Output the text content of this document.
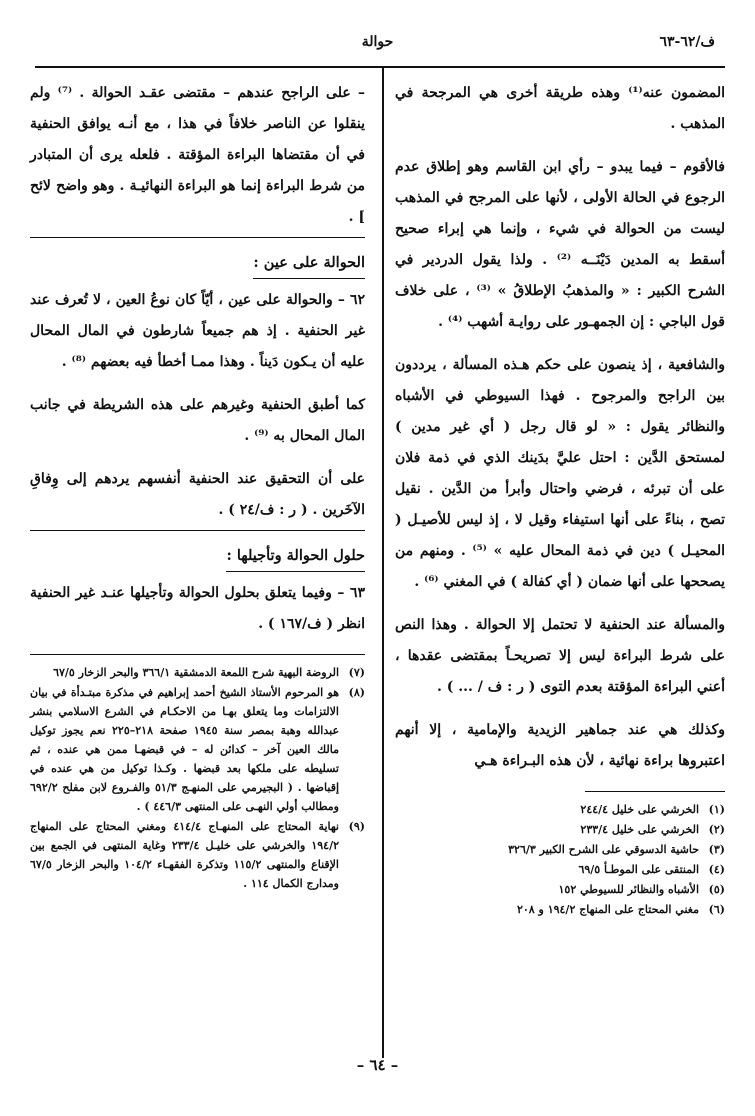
ف/٦٢-٦٣
حوالة

المضمون عنه⁽¹⁾ وهذه طريقة أخرى هي المرجحة في المذهب .

فالأقوم – فيما يبدو – رأي ابن القاسم وهو إطلاق عدم الرجوع في الحالة الأولى ، لأنها على المرجح في المذهب ليست من الحوالة في شيء ، وإنما هي إبراء صحيح أسقط به المدين دَيْنَــه ⁽²⁾ . ولذا يقول الدردير في الشرح الكبير : « والمذهبُ الإطلاقُ » ⁽³⁾ ، على خلاف قول الباجي : إن الجمهـور على روايـة أشهب ⁽⁴⁾ .

والشافعية ، إذ ينصون على حكم هـذه المسألة ، يرددون بين الراجح والمرجوح . فهذا السيوطي في الأشباه والنظائر يقول : « لو قال رجل ( أي غير مدين ) لمستحق الدَّين : احتل عليَّ بدَينك الذي في ذمة فلان على أن تبرئه ، فرضي واحتال وأبرأ من الدَّين . نقيل تصح ، بناءً على أنها استيفاء وقيل لا ، إذ ليس للأصيـل ( المحيـل ) دين في ذمة المحال عليه » ⁽⁵⁾ . ومنهم من يصححها على أنها ضمان ( أي كفالة ) في المغني ⁽⁶⁾ .

والمسألة عند الحنفية لا تحتمل إلا الحوالة . وهذا النص على شرط البراءة ليس إلا تصريحـاً بمقتضى عقدها ، أعني البراءة المؤقتة بعدم التوى ( ر : ف / ... ) .

وكذلك هي عند جماهير الزيدية والإمامية ، إلا أنهم اعتبروها براءة نهائية ، لأن هذه البـراءة هـي

(١)
الخرشي على خليل ٢٤٤/٤
(٢)
الخرشي على خليل ٢٣٣/٤
(٣)
حاشية الدسوقي على الشرح الكبير ٣٢٦/٣
(٤)
المنتقى على الموطـأ ٦٩/٥
(٥)
الأشباه والنظائر للسيوطي ١٥٢
(٦)
مغني المحتاج على المنهاج ١٩٤/٢ و ٢٠٨

– على الراجح عندهم – مقتضى عقـد الحوالة . ⁽⁷⁾ ولم ينقلوا عن الناصر خلافاً في هذا ، مع أنـه يوافق الحنفية في أن مقتضاها البراءة المؤقتة . فلعله يرى أن المتبادر من شرط البراءة إنما هو البراءة النهائيـة . وهو واضح لائح ] .

الحوالة على عين :

٦٢ – والحوالة على عين ، أيّاً كان نوعُ العين ، لا تُعرف عند غير الحنفية . إذ هم جميعاً شارطون في المال المحال عليه أن يـكون دَيناً . وهذا ممـا أخطأ فيه بعضهم ⁽⁸⁾ .

كما أطبق الحنفية وغيرهم على هذه الشريطة في جانب المال المحال به ⁽⁹⁾ .

على أن التحقيق عند الحنفية أنفسهم يردهم إلى وِفاقِ الآخَرين . ( ر : ف/٢٤ ) .

حلول الحوالة وتأجيلها :

٦٣ – وفيما يتعلق بحلول الحوالة وتأجيلها عنـد غير الحنفية انظر ( ف/١٦٧ ) .

(٧)
الروضة البهية شرح اللمعة الدمشقية ٣٦٦/١ والبحر الزخار ٦٧/٥
(٨)
هو المرحوم الأستاذ الشيخ أحمد إبراهيم في مذكرة مبتـدأة في بيان الالتزامات وما يتعلق بهـا من الاحكـام في الشرع الاسلامي بنشر عبدالله وهبة بمصر سنة ١٩٤٥ صفحة ٢١٨–٢٢٥ نعم يجوز توكيل مالك العين آخر – كدائن له – في قبضهـا ممن هي عنده ، ثم تسليطه على ملكها بعد قبضها . وكـذا توكيل من هي عنده في إقباضها . ( البجيرمي على المنهـج ٥١/٣ والفـروع لابن مفلح ٦٩٢/٢ ومطالب أولي النهـى على المنتهى ٤٤٦/٣ ) .
(٩)
نهاية المحتاج على المنهـاج ٤١٤/٤ ومغني المحتاج على المنهاج ١٩٤/٢ والخرشي على خليـل ٢٣٣/٤ وغاية المنتهى في الجمع بين الإقناع والمنتهى ١١٥/٢ وتذكرة الفقهـاء ١٠٤/٢ والبحر الزخار ٦٧/٥ ومدارج الكمال ١١٤ .
– ٦٤ –
